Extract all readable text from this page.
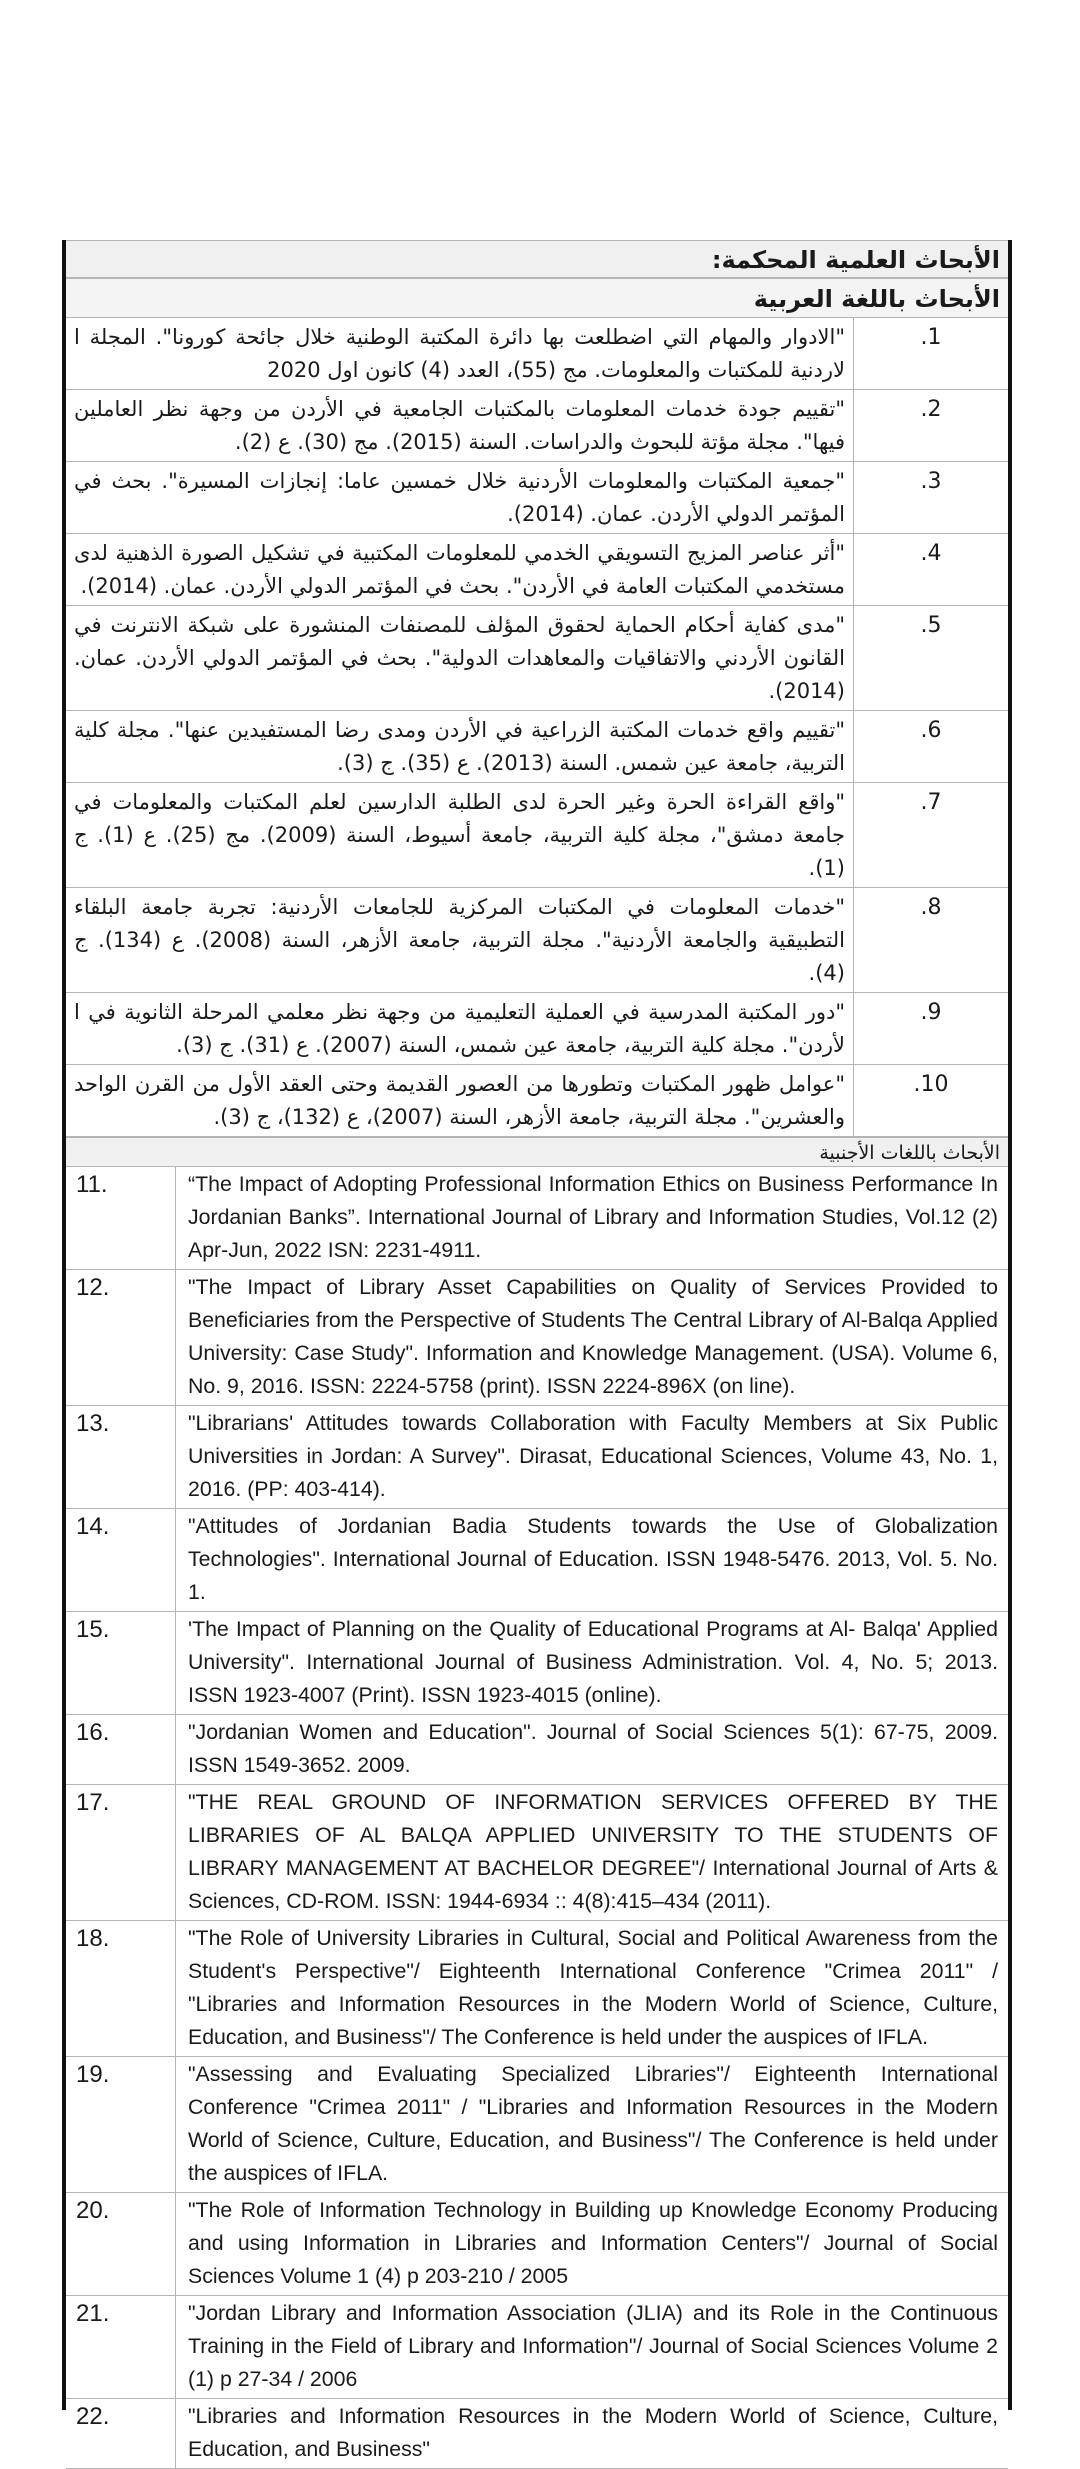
الأبحاث العلمية المحكمة:
الأبحاث باللغة العربية
"الادوار والمهام التي اضطلعت بها دائرة المكتبة الوطنية خلال جائحة كورونا". المجلة ا لاردنية للمكتبات والمعلومات. مج (55)، العدد (4) كانون اول 2020	.1
"تقييم جودة خدمات المعلومات بالمكتبات الجامعية في الأردن من وجهة نظر العاملين فيها". مجلة مؤتة للبحوث والدراسات. السنة (2015). مج (30). ع (2).	.2
"جمعية المكتبات والمعلومات الأردنية خلال خمسين عاما: إنجازات المسيرة". بحث في المؤتمر الدولي الأردن. عمان. (2014).	.3
"أثر عناصر المزيج التسويقي الخدمي للمعلومات المكتبية في تشكيل الصورة الذهنية لدى مستخدمي المكتبات العامة في الأردن". بحث في المؤتمر الدولي الأردن. عمان. (2014).	.4
"مدى كفاية أحكام الحماية لحقوق المؤلف للمصنفات المنشورة على شبكة الانترنت في القانون الأردني والاتفاقيات والمعاهدات الدولية". بحث في المؤتمر الدولي الأردن. عمان. (2014).	.5
"تقييم واقع خدمات المكتبة الزراعية في الأردن ومدى رضا المستفيدين عنها". مجلة كلية التربية، جامعة عين شمس. السنة (2013). ع (35). ج (3).	.6
"واقع القراءة الحرة وغير الحرة لدى الطلبة الدارسين لعلم المكتبات والمعلومات في جامعة دمشق"، مجلة كلية التربية، جامعة أسيوط، السنة (2009). مج (25). ع (1). ج (1).	.7
"خدمات المعلومات في المكتبات المركزية للجامعات الأردنية: تجربة جامعة البلقاء التطبيقية والجامعة الأردنية". مجلة التربية، جامعة الأزهر، السنة (2008). ع (134). ج (4).	.8
"دور المكتبة المدرسية في العملية التعليمية من وجهة نظر معلمي المرحلة الثانوية في ا لأردن". مجلة كلية التربية، جامعة عين شمس، السنة (2007). ع (31). ج (3).	.9
"عوامل ظهور المكتبات وتطورها من العصور القديمة وحتى العقد الأول من القرن الواحد والعشرين". مجلة التربية، جامعة الأزهر، السنة (2007)، ع (132)، ج (3).	.10
الأبحاث باللغات الأجنبية
11.	“The Impact of Adopting Professional Information Ethics on Business Performance In Jordanian Banks”. International Journal of Library and Information Studies, Vol.12 (2) Apr-Jun, 2022 ISN: 2231-4911.
12.	"The Impact of Library Asset Capabilities on Quality of Services Provided to Beneficiaries from the Perspective of Students The Central Library of Al-Balqa Applied University: Case Study". Information and Knowledge Management. (USA). Volume 6, No. 9, 2016. ISSN: 2224-5758 (print). ISSN 2224-896X (on line).
13.	"Librarians' Attitudes towards Collaboration with Faculty Members at Six Public Universities in Jordan: A Survey". Dirasat, Educational Sciences, Volume 43, No. 1, 2016. (PP: 403-414).
14.	"Attitudes of Jordanian Badia Students towards the Use of Globalization Technologies". International Journal of Education. ISSN 1948-5476. 2013, Vol. 5. No. 1.
15.	'The Impact of Planning on the Quality of Educational Programs at Al- Balqa' Applied University". International Journal of Business Administration. Vol. 4, No. 5; 2013. ISSN 1923-4007 (Print). ISSN 1923-4015 (online).
16.	"Jordanian Women and Education". Journal of Social Sciences 5(1): 67-75, 2009. ISSN 1549-3652. 2009.
17.	"THE REAL GROUND OF INFORMATION SERVICES OFFERED BY THE LIBRARIES OF AL BALQA APPLIED UNIVERSITY TO THE STUDENTS OF LIBRARY MANAGEMENT AT BACHELOR DEGREE"/ International Journal of Arts & Sciences, CD-ROM. ISSN: 1944-6934 :: 4(8):415–434 (2011).
18.	"The Role of University Libraries in Cultural, Social and Political Awareness from the Student's Perspective"/ Eighteenth International Conference "Crimea 2011" / "Libraries and Information Resources in the Modern World of Science, Culture, Education, and Business"/ The Conference is held under the auspices of IFLA.
19.	"Assessing and Evaluating Specialized Libraries"/ Eighteenth International Conference "Crimea 2011" / "Libraries and Information Resources in the Modern World of Science, Culture, Education, and Business"/ The Conference is held under the auspices of IFLA.
20.	"The Role of Information Technology in Building up Knowledge Economy Producing and using Information in Libraries and Information Centers"/ Journal of Social Sciences Volume 1 (4) p 203-210 / 2005
21.	"Jordan Library and Information Association (JLIA) and its Role in the Continuous Training in the Field of Library and Information"/ Journal of Social Sciences Volume 2 (1) p 27-34 / 2006
22.	"Libraries and Information Resources in the Modern World of Science, Culture, Education, and Business"
